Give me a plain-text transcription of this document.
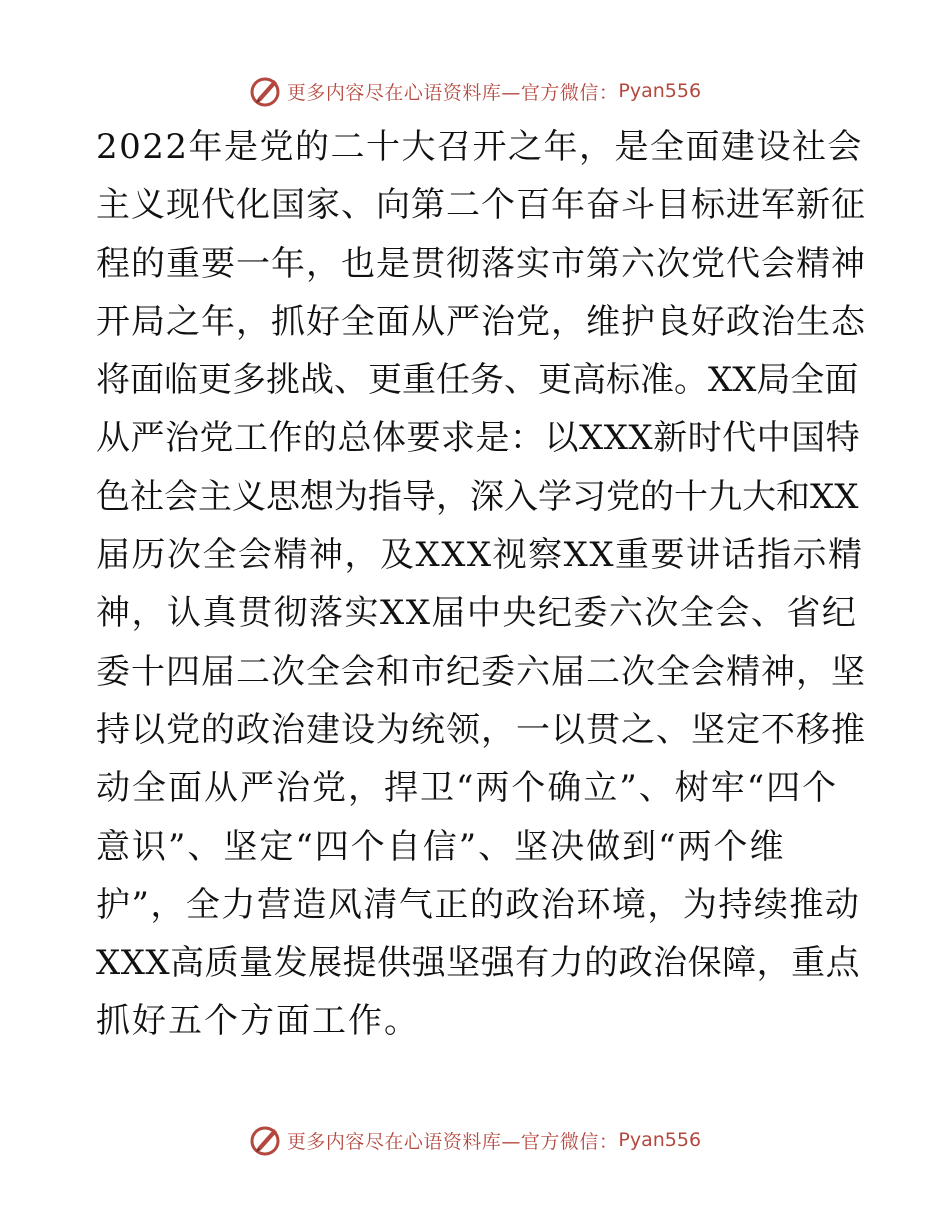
更多内容尽在心语资料库—官方微信： Pyan556
2022年是党的二十大召开之年，是全面建设社会
主义现代化国家、向第二个百年奋斗目标进军新征
程的重要一年，也是贯彻落实市第六次党代会精神
开局之年，抓好全面从严治党，维护良好政治生态
将面临更多挑战、更重任务、更高标准。XX局全面
从严治党工作的总体要求是：以XXX新时代中国特
色社会主义思想为指导，深入学习党的十九大和XX
届历次全会精神，及XXX视察XX重要讲话指示精
神，认真贯彻落实XX届中央纪委六次全会、省纪
委十四届二次全会和市纪委六届二次全会精神，坚
持以党的政治建设为统领，一以贯之、坚定不移推
动全面从严治党，捍卫“两个确立”、树牢“四个
意识”、坚定“四个自信”、坚决做到“两个维
护”，全力营造风清气正的政治环境，为持续推动
XXX高质量发展提供强坚强有力的政治保障，重点
抓好五个方面工作。
更多内容尽在心语资料库—官方微信： Pyan556
